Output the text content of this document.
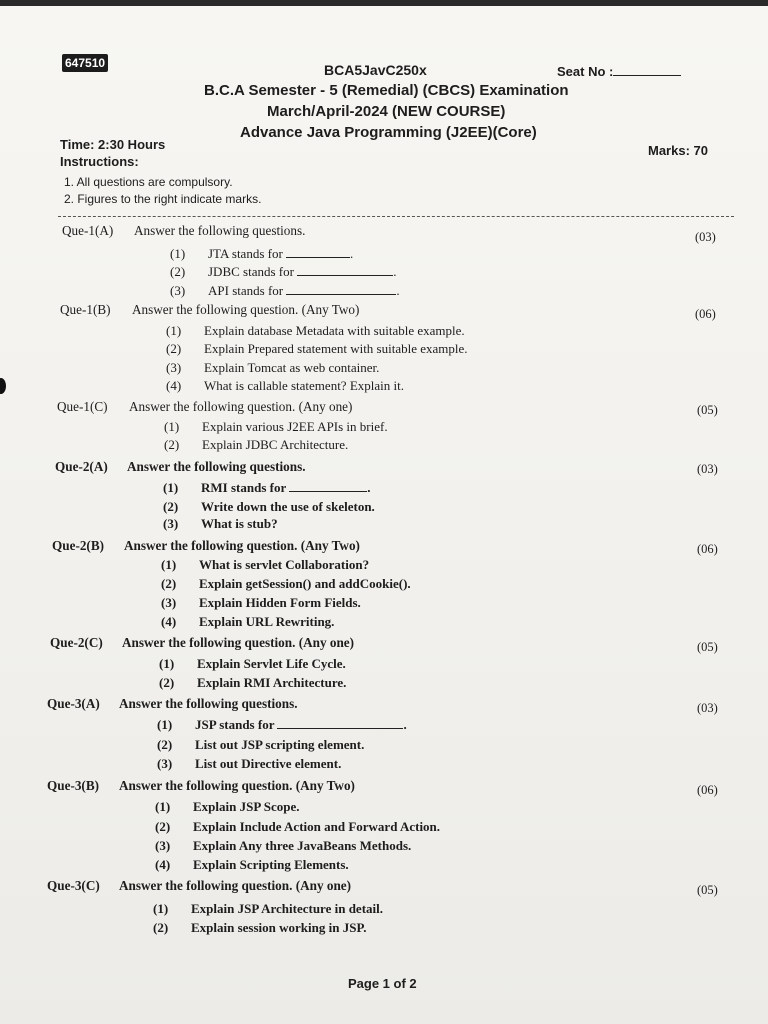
647510	BCA5JavC250x	Seat No :
B.C.A Semester - 5 (Remedial) (CBCS) Examination
March/April-2024 (NEW COURSE)
Advance Java Programming (J2EE)(Core)
Time: 2:30 Hours	Marks: 70
Instructions:
1. All questions are compulsory.
2. Figures to the right indicate marks.
Que-1(A) Answer the following questions.	(03)
(1) JTA stands for	.
(2) JDBC stands for	.
(3) API stands for	.
Que-1(B) Answer the following question. (Any Two)	(06)
(1) Explain database Metadata with suitable example.
(2) Explain Prepared statement with suitable example.
(3) Explain Tomcat as web container.
(4) What is callable statement? Explain it.
Que-1(C) Answer the following question. (Any one)	(05)
(1) Explain various J2EE APIs in brief.
(2) Explain JDBC Architecture.
Que-2(A) Answer the following questions.	(03)
(1) RMI stands for	.
(2) Write down the use of skeleton.
(3) What is stub?
Que-2(B) Answer the following question. (Any Two)	(06)
(1) What is servlet Collaboration?
(2) Explain getSession() and addCookie().
(3) Explain Hidden Form Fields.
(4) Explain URL Rewriting.
Que-2(C) Answer the following question. (Any one)	(05)
(1) Explain Servlet Life Cycle.
(2) Explain RMI Architecture.
Que-3(A) Answer the following questions.	(03)
(1) JSP stands for	.
(2) List out JSP scripting element.
(3) List out Directive element.
Que-3(B) Answer the following question. (Any Two)	(06)
(1) Explain JSP Scope.
(2) Explain Include Action and Forward Action.
(3) Explain Any three JavaBeans Methods.
(4) Explain Scripting Elements.
Que-3(C) Answer the following question. (Any one)	(05)
(1) Explain JSP Architecture in detail.
(2) Explain session working in JSP.
Page 1 of 2
